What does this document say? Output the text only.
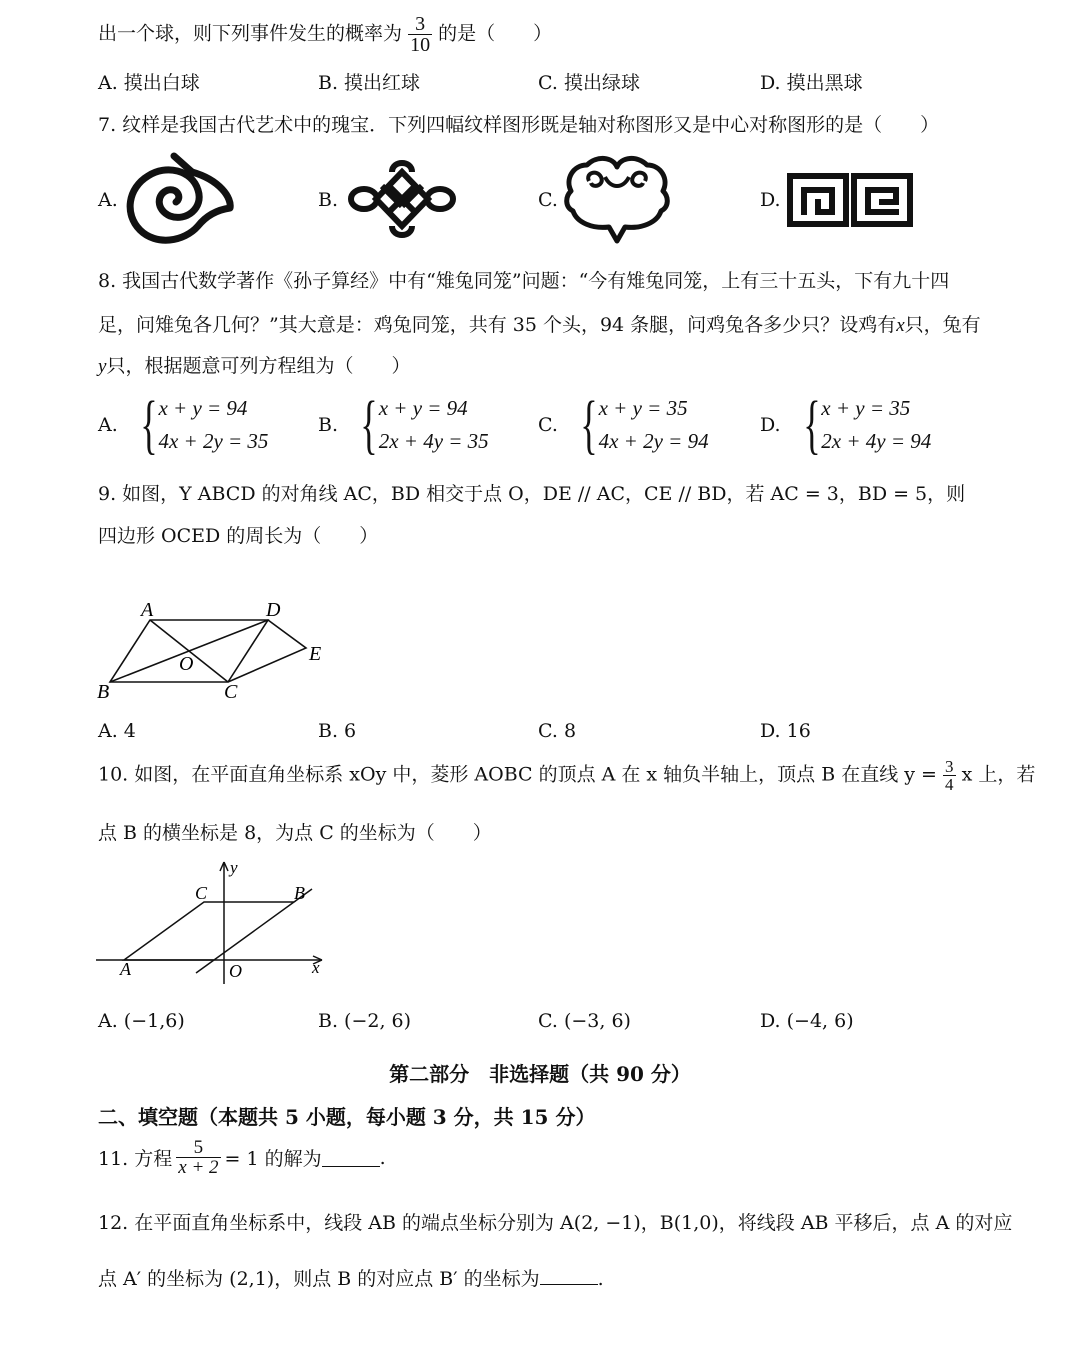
出一个球，则下列事件发生的概率为 $\frac{3}{10}$ 的是（　　）
A. 摸出白球	B. 摸出红球	C. 摸出绿球	D. 摸出黑球
7. 纹样是我国古代艺术中的瑰宝．下列四幅纹样图形既是轴对称图形又是中心对称图形的是（　　）
A.	B.	C.	D.
8. 我国古代数学著作《孙子算经》中有“雉兔同笼”问题：“今有雉兔同笼，上有三十五头，下有九十四
足，问雉兔各几何？”其大意是：鸡兔同笼，共有 35 个头，94 条腿，问鸡兔各多少只？设鸡有x只，兔有
y只，根据题意可列方程组为（　　）
A. { x + y = 94
4x + 2y = 35
B. { x + y = 94
2x + 4y = 35
C. { x + y = 35
4x + 2y = 94
D. { x + y = 35
2x + 4y = 94
9. 如图，Y ABCD 的对角线 AC，BD 相交于点 O，DE // AC，CE // BD，若 AC = 3，BD = 5，则
四边形 OCED 的周长为（　　）
A	D
O	E
B	C
A. 4	B. 6	C. 8	D. 16
10. 如图，在平面直角坐标系 xOy 中，菱形 AOBC 的顶点 A 在 x 轴负半轴上，顶点 B 在直线 $y = \frac{3}{4}$ x 上，若
点 B 的横坐标是 8，为点 C 的坐标为（　　）
y
C	B
A	O	x
A. (−1,6)	B. (−2, 6)	C. (−3, 6)	D. (−4, 6)
第二部分　非选择题（共 90 分）
二、填空题（本题共 5 小题，每小题 3 分，共 15 分）
11. 方程 $\frac{5}{x + 2} = 1$ 的解为	.
12. 在平面直角坐标系中，线段 AB 的端点坐标分别为 A(2, −1)，B(1,0)，将线段 AB 平移后，点 A 的对应
点 A′ 的坐标为 (2,1)，则点 B 的对应点 B′ 的坐标为	.
